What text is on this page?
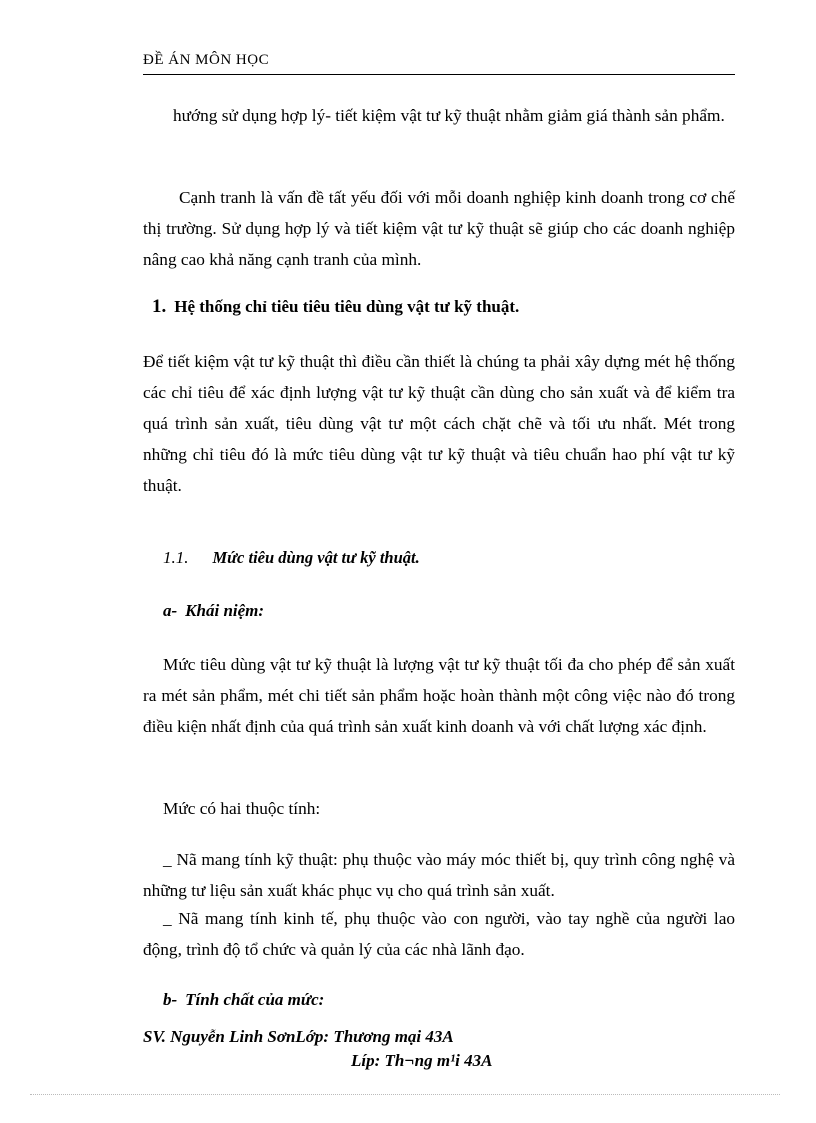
ĐỀ ÁN MÔN HỌC

hướng sử dụng hợp lý- tiết kiệm vật tư kỹ thuật nhằm giảm giá thành sản phẩm.

Cạnh tranh là vấn đề tất yếu đối với mỗi doanh nghiệp kinh doanh trong cơ chế thị trường. Sử dụng hợp lý và tiết kiệm vật tư kỹ thuật sẽ giúp cho các doanh nghiệp nâng cao khả năng cạnh tranh của mình.

1. Hệ thống chỉ tiêu tiêu tiêu dùng vật tư kỹ thuật.

Để tiết kiệm vật tư kỹ thuật thì điều cần thiết là chúng ta phải xây dựng mét hệ thống các chỉ tiêu để xác định lượng vật tư kỹ thuật cần dùng cho sản xuất và để kiểm tra quá trình sản xuất, tiêu dùng vật tư một cách chặt chẽ và tối ưu nhất. Mét trong những chỉ tiêu đó là mức tiêu dùng vật tư kỹ thuật và tiêu chuẩn hao phí vật tư kỹ thuật.

1.1. Mức tiêu dùng vật tư kỹ thuật.
a- Khái niệm:

Mức tiêu dùng vật tư kỹ thuật là lượng vật tư kỹ thuật tối đa cho phép để sản xuất ra mét sản phẩm, mét chi tiết sản phẩm hoặc hoàn thành một công việc nào đó trong điều kiện nhất định của quá trình sản xuất kinh doanh và với chất lượng xác định.

Mức có hai thuộc tính:

_ Nã mang tính kỹ thuật: phụ thuộc vào máy móc thiết bị, quy trình công nghệ và những tư liệu sản xuất khác phục vụ cho quá trình sản xuất.

_ Nã mang tính kinh tế, phụ thuộc vào con người, vào tay nghề của người lao động, trình độ tổ chức và quản lý của các nhà lãnh đạo.

b- Tính chất của mức:
SV. Nguyễn Linh SơnLớp: Thương mại 43A
Líp: Th¬ng m¹i 43A
